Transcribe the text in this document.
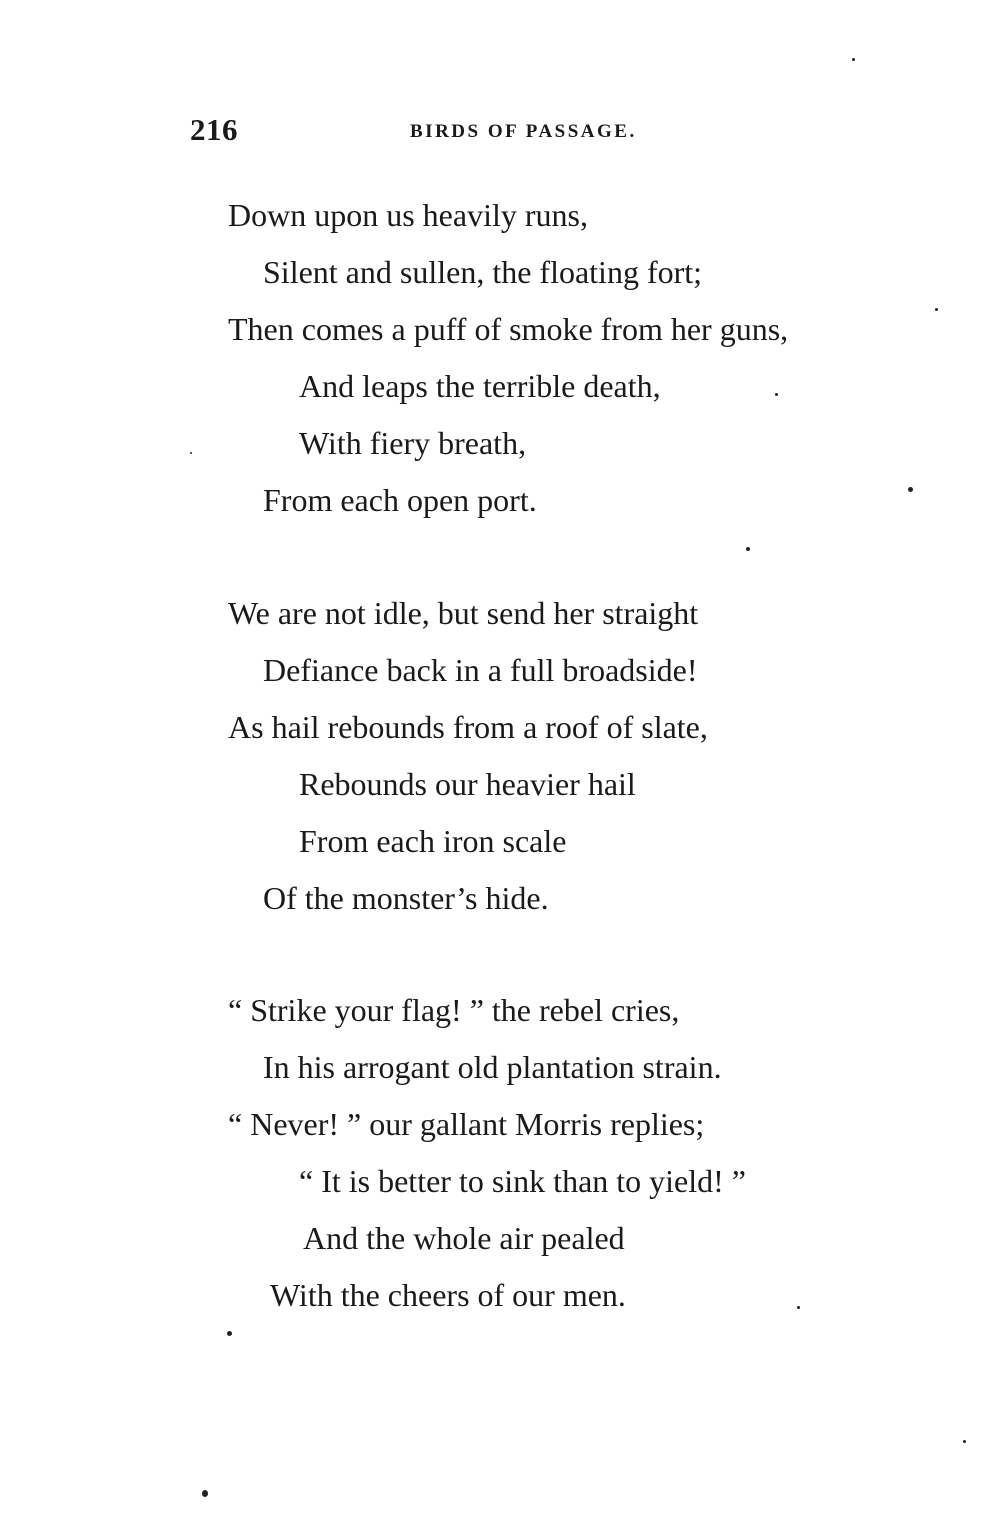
216	BIRDS OF PASSAGE.
Down upon us heavily runs,
Silent and sullen, the floating fort;
Then comes a puff of smoke from her guns,
And leaps the terrible death,
With fiery breath,
From each open port.
We are not idle, but send her straight
Defiance back in a full broadside!
As hail rebounds from a roof of slate,
Rebounds our heavier hail
From each iron scale
Of the monster’s hide.
“ Strike your flag! ” the rebel cries,
In his arrogant old plantation strain.
“ Never! ” our gallant Morris replies;
“ It is better to sink than to yield! ”
And the whole air pealed
With the cheers of our men.
